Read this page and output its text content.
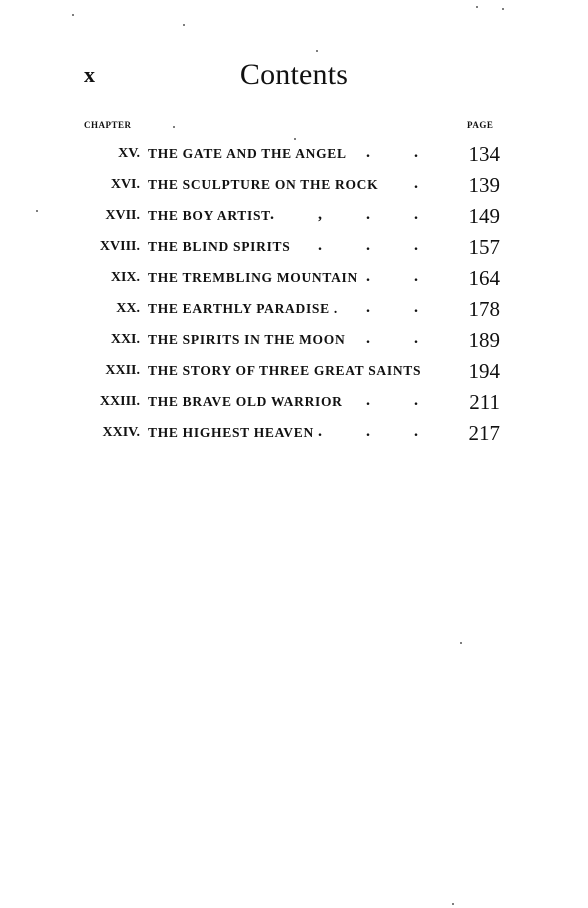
x	Contents
CHAPTER	PAGE
XV. THE GATE AND THE ANGEL . . 134
XVI. THE SCULPTURE ON THE ROCK . 139
XVII. THE BOY ARTIST . , . . 149
XVIII. THE BLIND SPIRITS . . . 157
XIX. THE TREMBLING MOUNTAIN . . 164
XX. THE EARTHLY PARADISE . . . 178
XXI. THE SPIRITS IN THE MOON . . 189
XXII. THE STORY OF THREE GREAT SAINTS 194
XXIII. THE BRAVE OLD WARRIOR . . 211
XXIV. THE HIGHEST HEAVEN . . . 217
